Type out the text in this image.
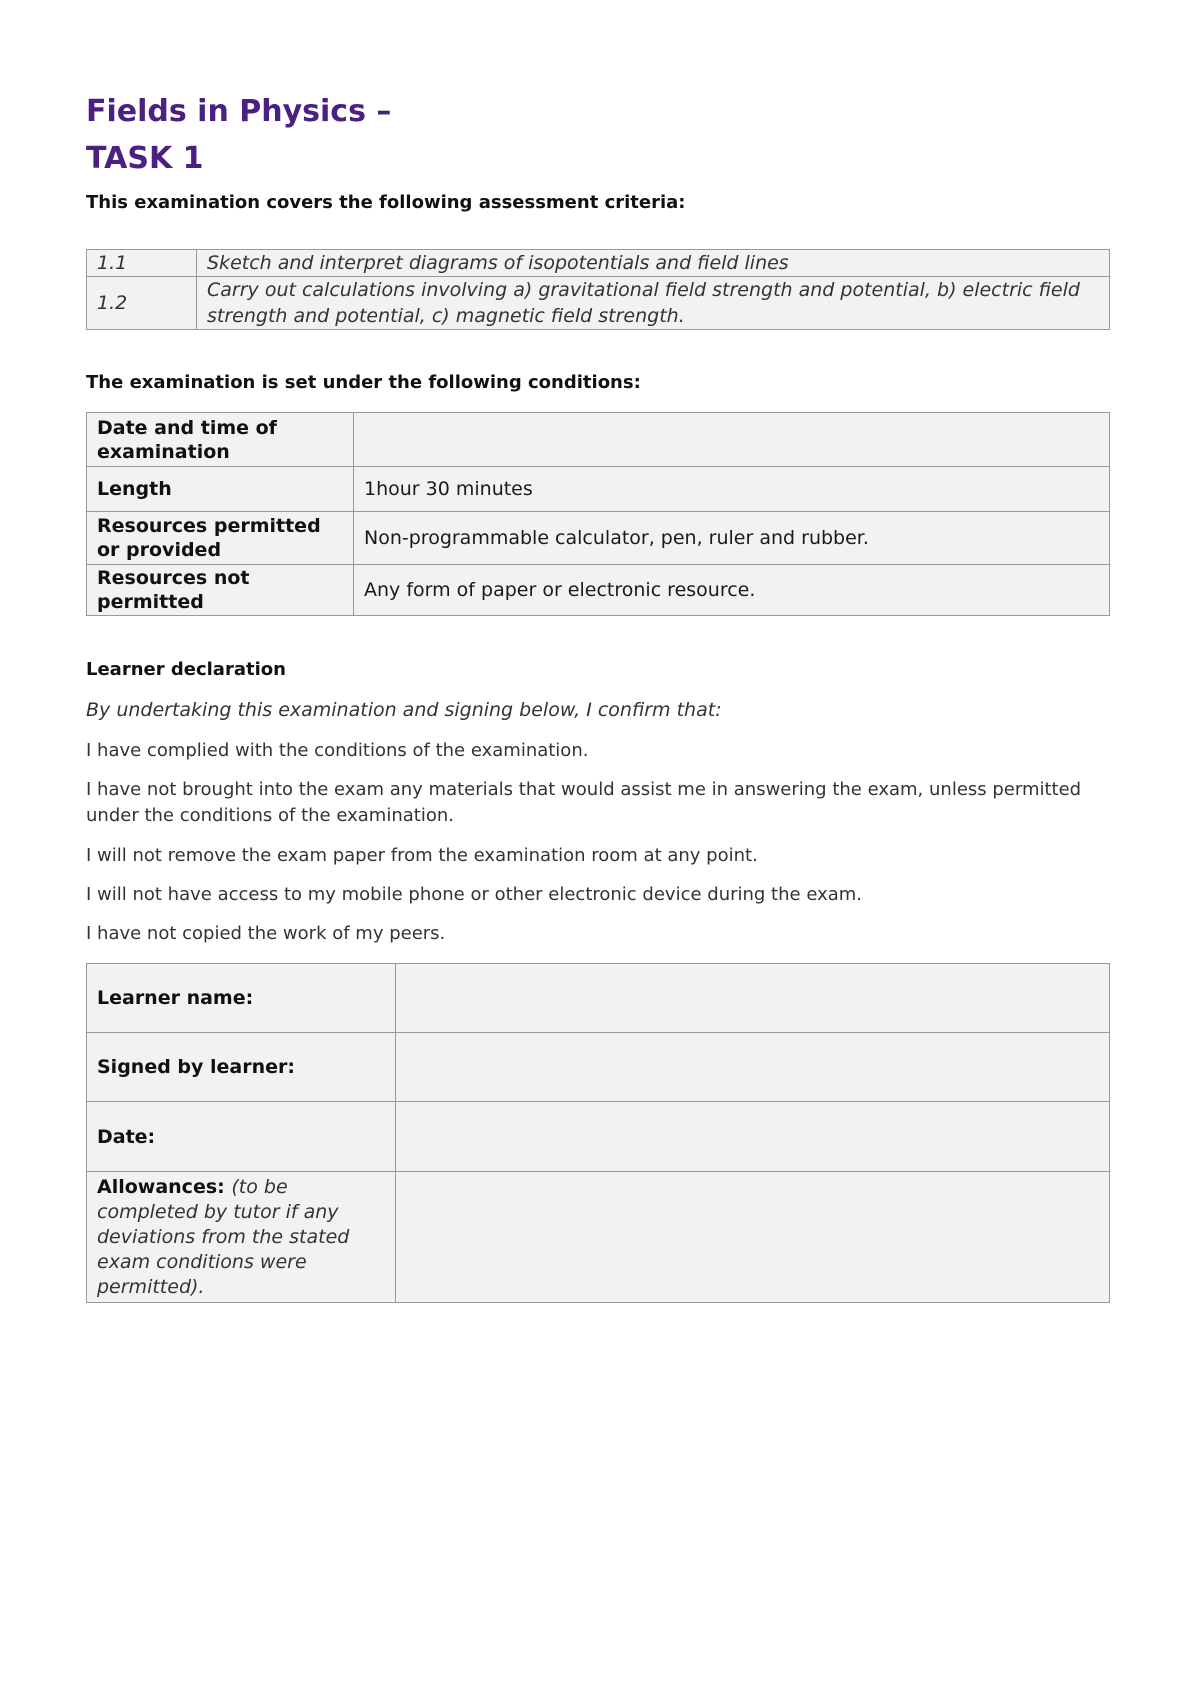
Fields in Physics –
TASK 1

This examination covers the following assessment criteria:

1.1	Sketch and interpret diagrams of isopotentials and field lines
1.2	Carry out calculations involving a) gravitational field strength and potential, b) electric field strength and potential, c) magnetic field strength.

The examination is set under the following conditions:

Date and time of examination	
Length	1hour 30 minutes
Resources permitted or provided	Non-programmable calculator, pen, ruler and rubber.
Resources not permitted	Any form of paper or electronic resource.

Learner declaration

By undertaking this examination and signing below, I confirm that:

I have complied with the conditions of the examination.

I have not brought into the exam any materials that would assist me in answering the exam, unless permitted under the conditions of the examination.

I will not remove the exam paper from the examination room at any point.

I will not have access to my mobile phone or other electronic device during the exam.

I have not copied the work of my peers.

Learner name:	
Signed by learner:	
Date:	
Allowances: (to be completed by tutor if any deviations from the stated exam conditions were permitted).	
